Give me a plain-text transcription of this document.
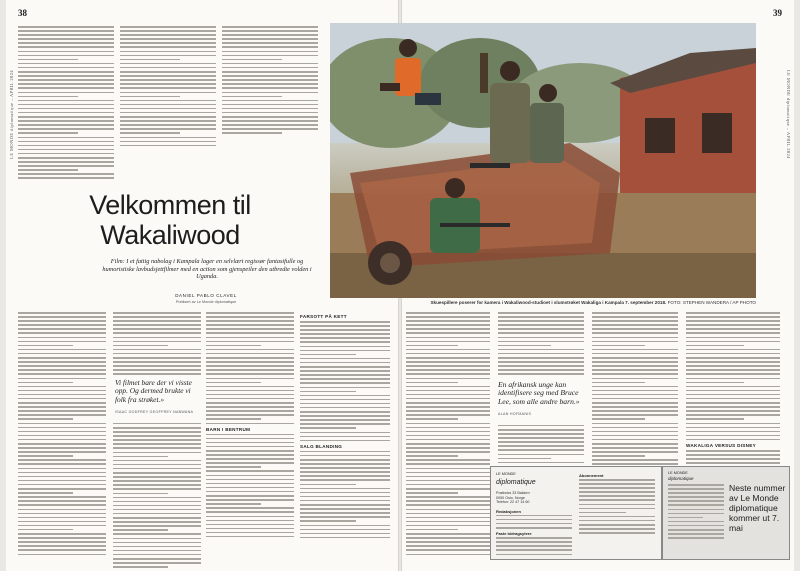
38
LE MONDE diplomatique – APRIL 2024
Velkommen til
Wakaliwood
Film: I et fattig nabolag i Kampala lager en selvlært regissør fantasifulle og humoristiske lavbudsjettfilmer med en action som gjenspeiler den utbredte volden i Uganda.
DANIEL PABLO CLAVEL
Publisert av Le Monde diplomatique
Vi filmet bare der vi visste opp. Og dermed brukte vi folk fra strøket.»
ISAAC GODFREY GEOFFREY NABWANA
BARN I BENTRUM
FARSOTT PÅ KETT
SALG BLANDING
39
LE MONDE diplomatique – APRIL 2024
En afrikansk unge kan identifisere seg med Bruce Lee, som alle andre barn.»
ALAN HOFMANIS
WAKALIGA VERSUS DISNEY
Skuespillere poserer for kamera i Wakaliwood-studioet i slumstrøket Wakaliga i Kampala 7. september 2018. FOTO: STEPHEN WANDERA / AP PHOTO
LE MONDE
diplomatique
Postboks 33 Bakken
0050 Oslo, Norge
Telefon: 22 47 14 60
Redaksjonen
Faste bidragsytere
Abonnement	LE MONDE
diplomatique
Neste nummer av Le Monde diplomatique kommer ut 7. mai
